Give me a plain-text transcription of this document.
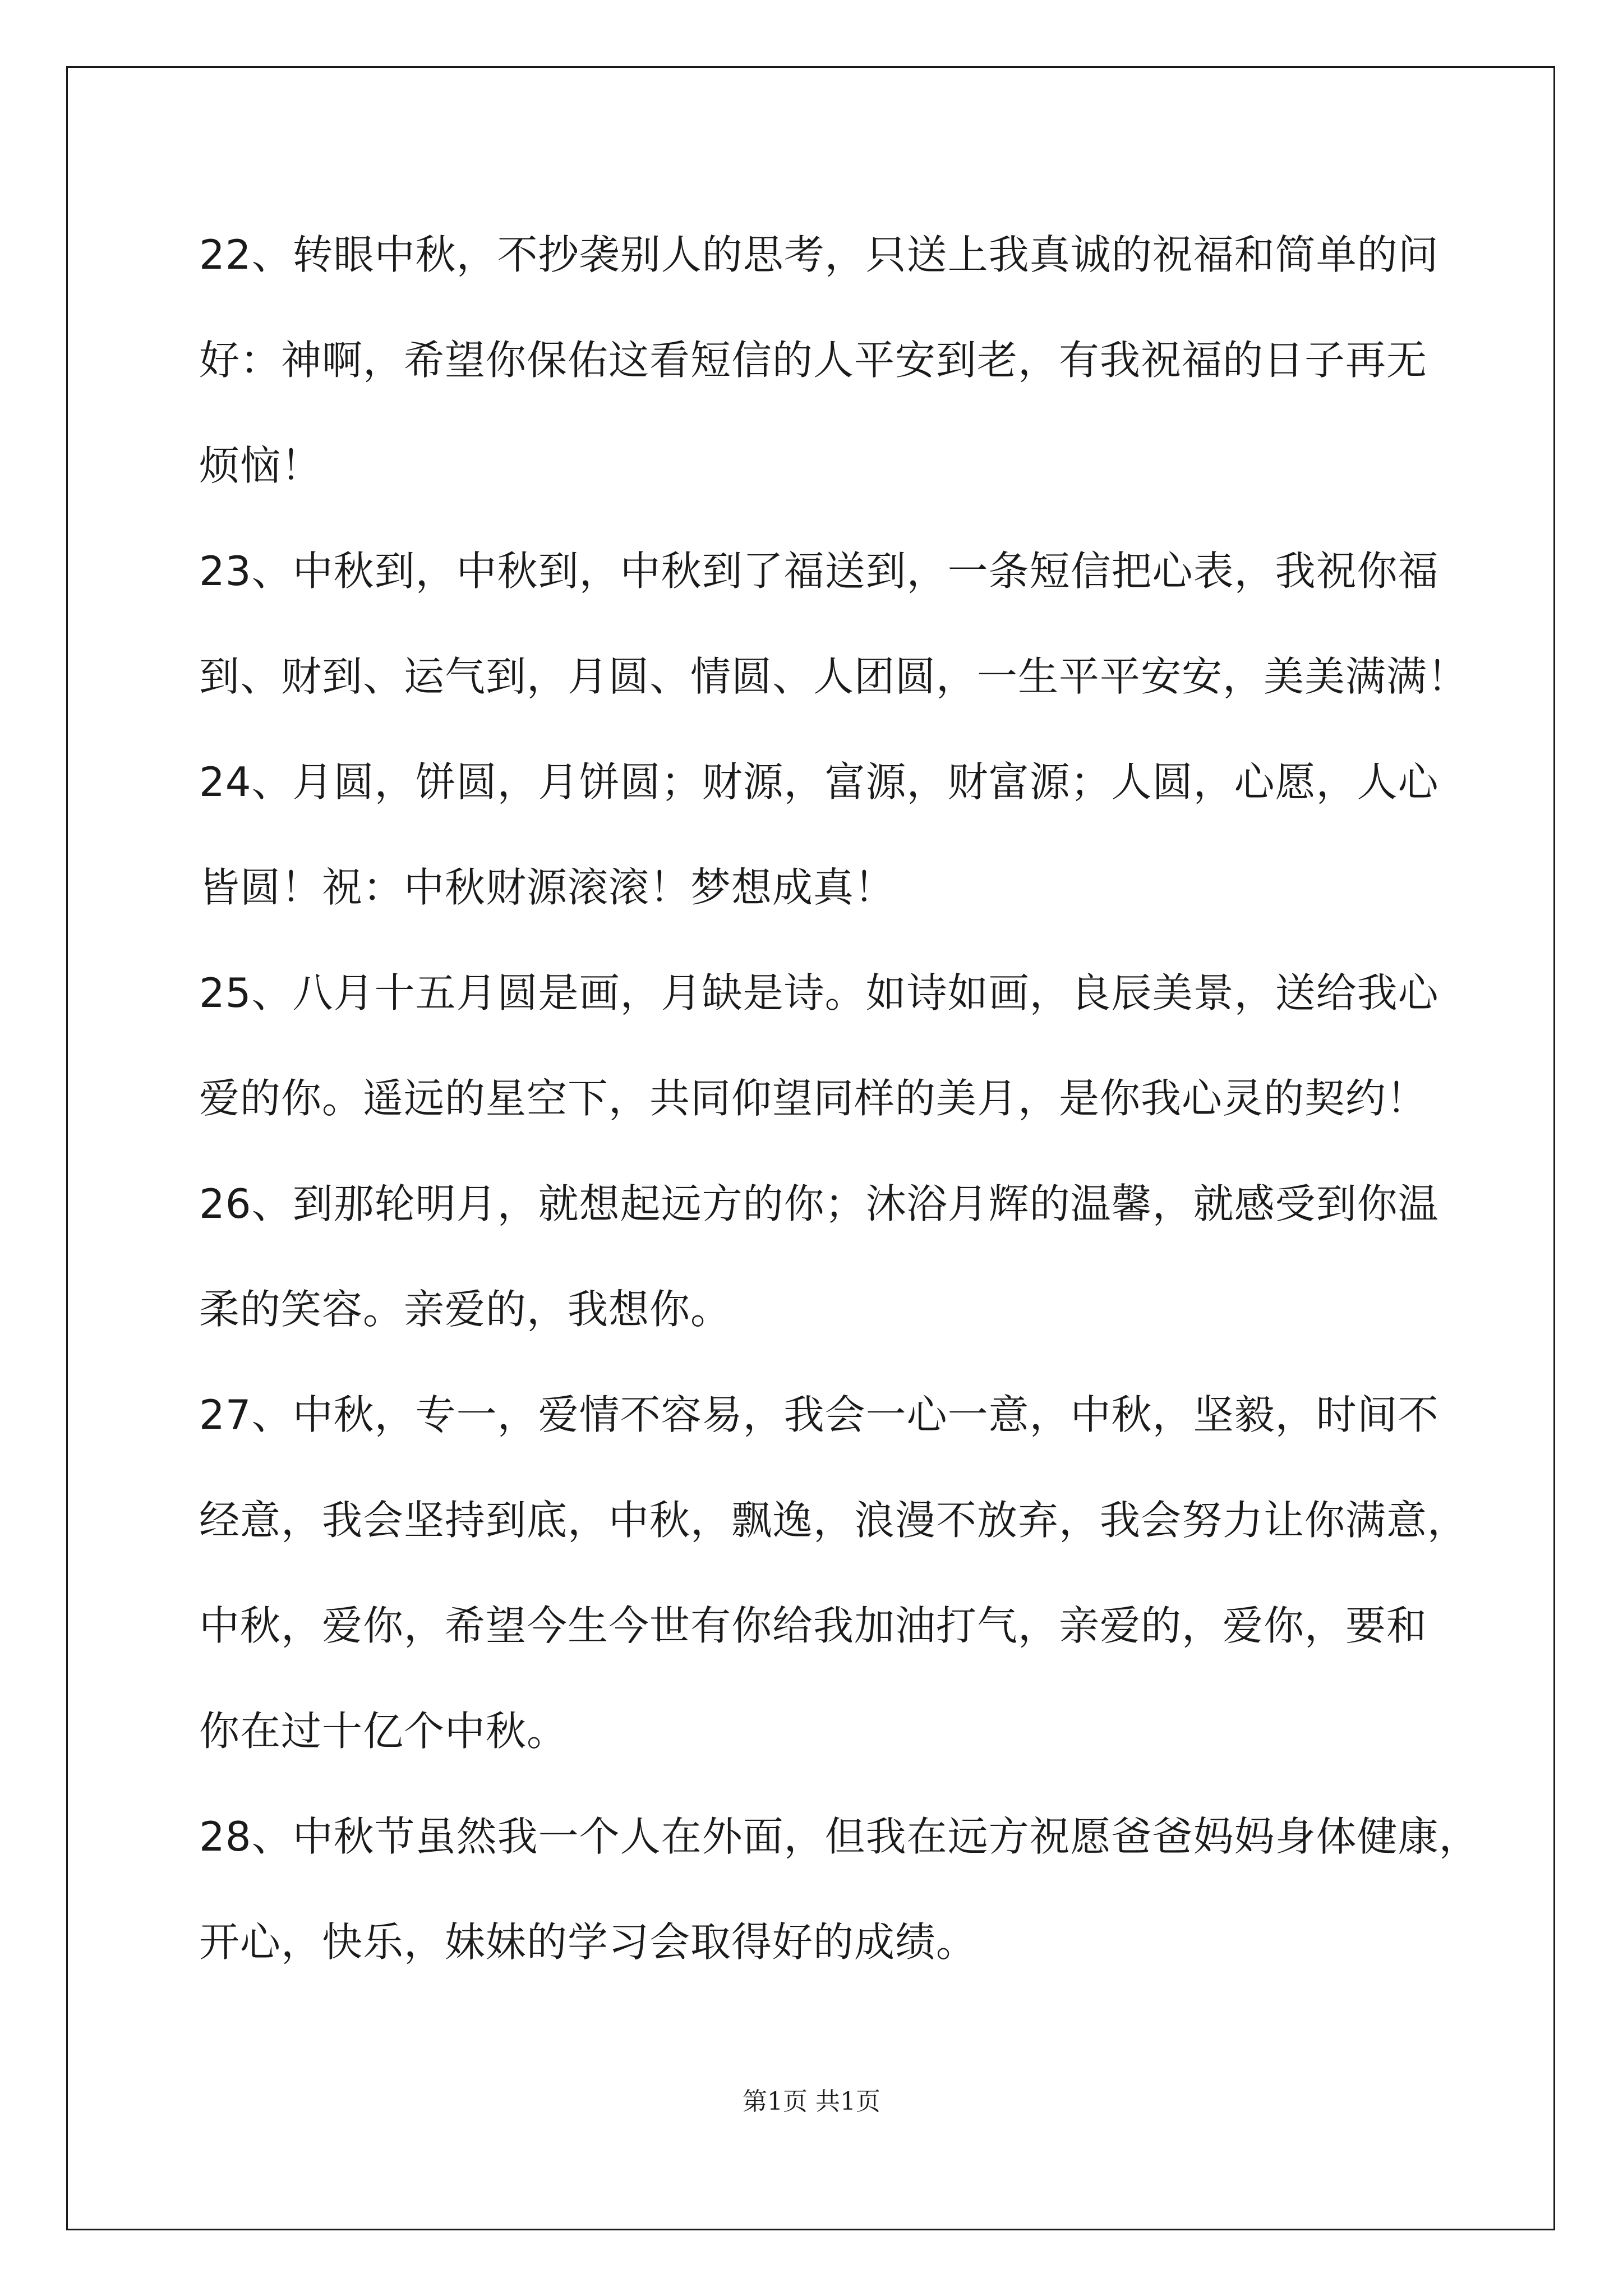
22、转眼中秋，不抄袭别人的思考，只送上我真诚的祝福和简单的问
好：神啊，希望你保佑这看短信的人平安到老，有我祝福的日子再无
烦恼！
23、中秋到，中秋到，中秋到了福送到，一条短信把心表，我祝你福
到、财到、运气到，月圆、情圆、人团圆，一生平平安安，美美满满！
24、月圆，饼圆，月饼圆；财源，富源，财富源；人圆，心愿，人心
皆圆！祝：中秋财源滚滚！梦想成真！
25、八月十五月圆是画，月缺是诗。如诗如画，良辰美景，送给我心
爱的你。遥远的星空下，共同仰望同样的美月，是你我心灵的契约！
26、到那轮明月，就想起远方的你；沐浴月辉的温馨，就感受到你温
柔的笑容。亲爱的，我想你。
27、中秋，专一，爱情不容易，我会一心一意，中秋，坚毅，时间不
经意，我会坚持到底，中秋，飘逸，浪漫不放弃，我会努力让你满意，
中秋，爱你，希望今生今世有你给我加油打气，亲爱的，爱你，要和
你在过十亿个中秋。
28、中秋节虽然我一个人在外面，但我在远方祝愿爸爸妈妈身体健康，
开心，快乐，妹妹的学习会取得好的成绩。
第1页 共1页
